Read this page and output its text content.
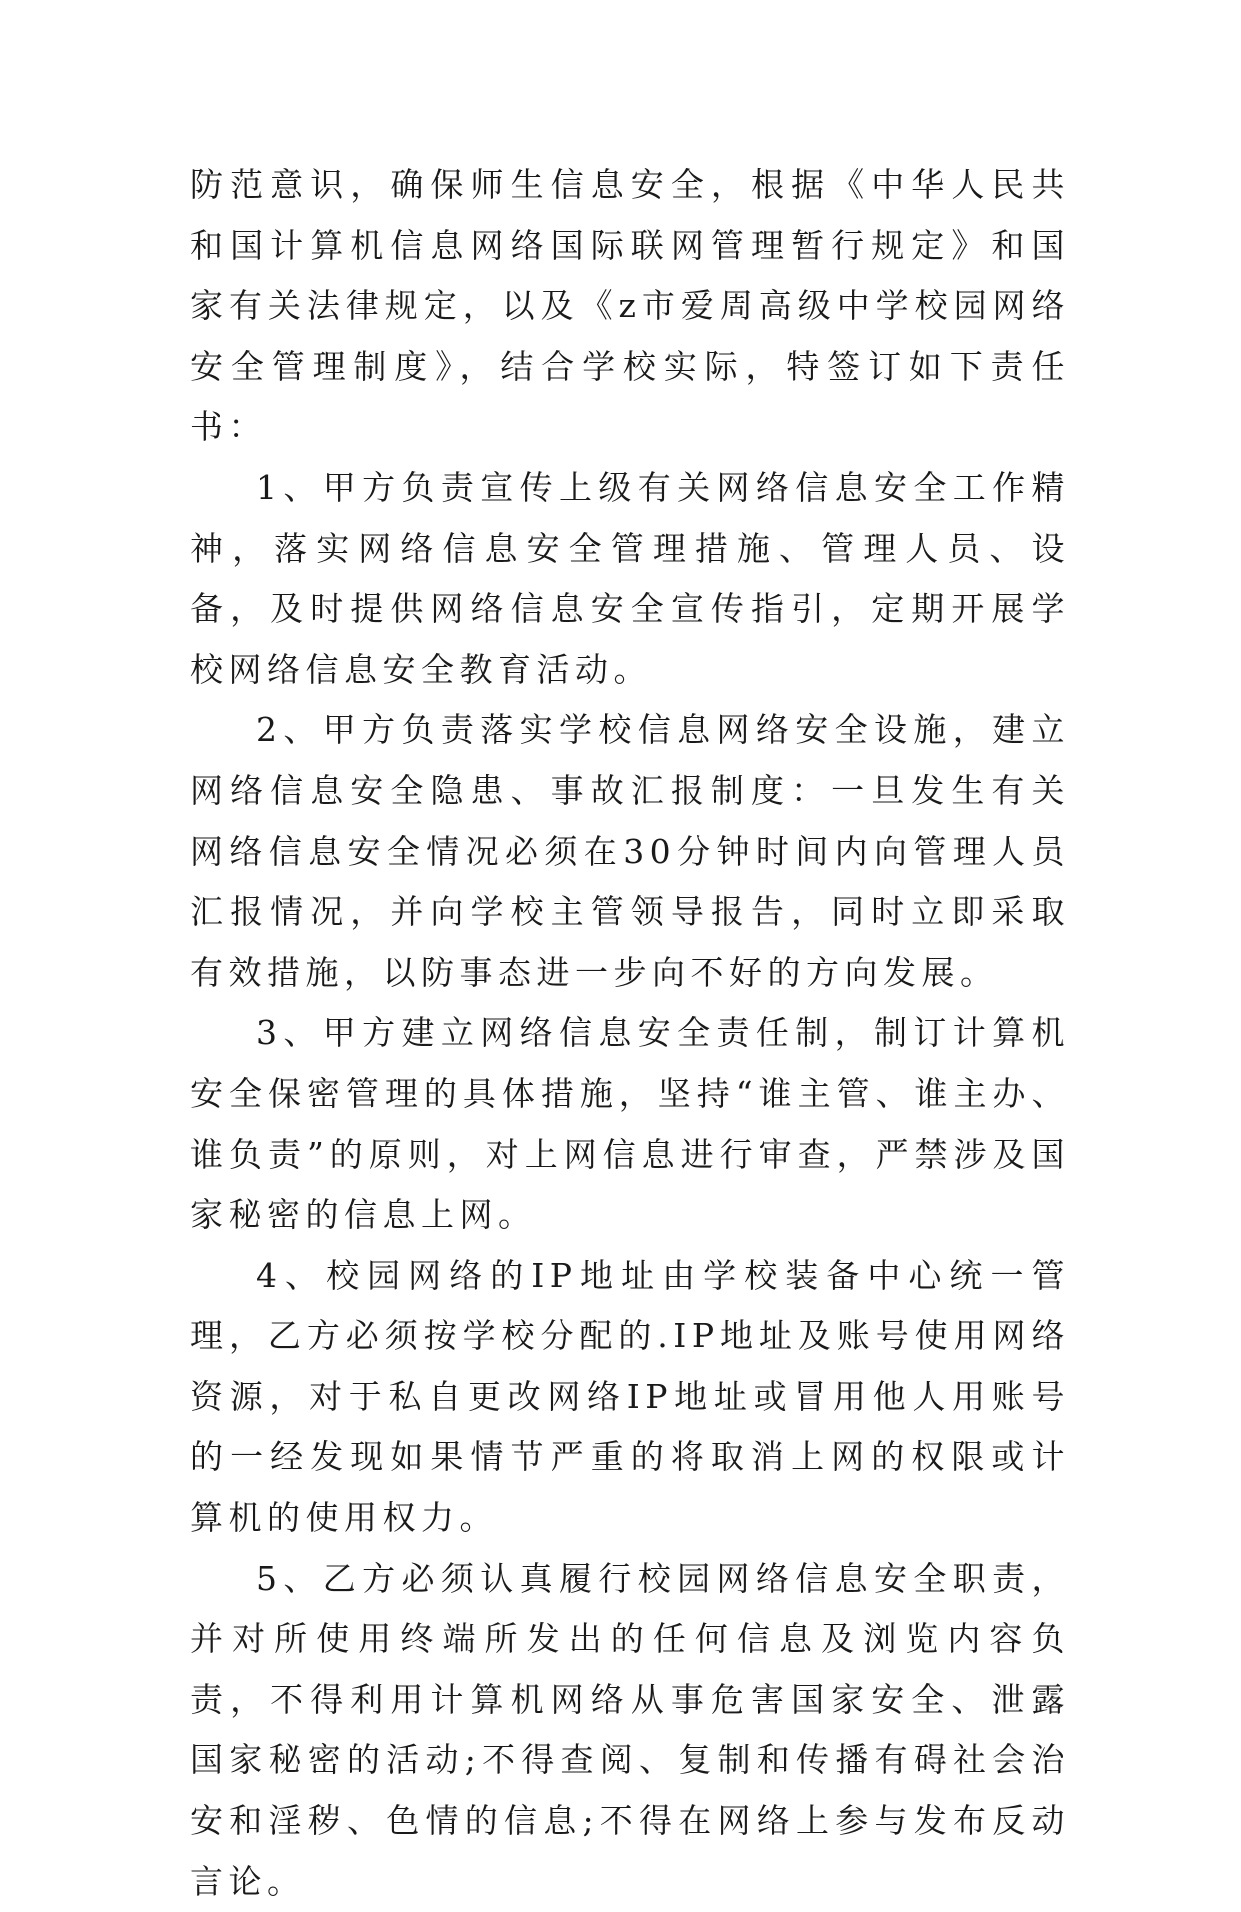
防范意识，确保师生信息安全，根据《中华人民共和国计算机信息网络国际联网管理暂行规定》和国家有关法律规定，以及《z市爱周高级中学校园网络安全管理制度》，结合学校实际，特签订如下责任书：

1、甲方负责宣传上级有关网络信息安全工作精神，落实网络信息安全管理措施、管理人员、设备，及时提供网络信息安全宣传指引，定期开展学校网络信息安全教育活动。

2、甲方负责落实学校信息网络安全设施，建立网络信息安全隐患、事故汇报制度：一旦发生有关网络信息安全情况必须在30分钟时间内向管理人员汇报情况，并向学校主管领导报告，同时立即采取有效措施，以防事态进一步向不好的方向发展。

3、甲方建立网络信息安全责任制，制订计算机安全保密管理的具体措施，坚持“谁主管、谁主办、谁负责”的原则，对上网信息进行审查，严禁涉及国家秘密的信息上网。

4、校园网络的IP地址由学校装备中心统一管理，乙方必须按学校分配的.IP地址及账号使用网络资源，对于私自更改网络IP地址或冒用他人用账号的一经发现如果情节严重的将取消上网的权限或计算机的使用权力。

5、乙方必须认真履行校园网络信息安全职责，并对所使用终端所发出的任何信息及浏览内容负责，不得利用计算机网络从事危害国家安全、泄露国家秘密的活动;不得查阅、复制和传播有碍社会治安和淫秽、色情的信息;不得在网络上参与发布反动言论。
